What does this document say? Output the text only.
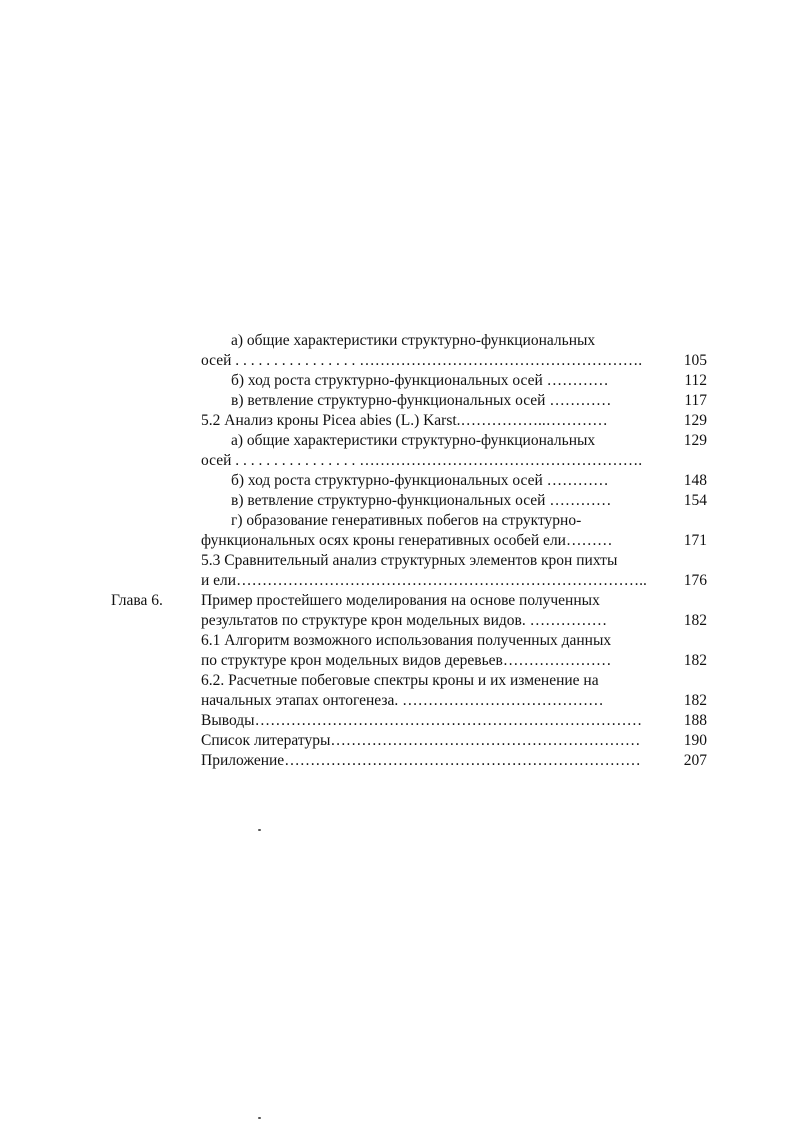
а) общие характеристики структурно-функциональных
осей . . . . . . . . . . . . . . . . ……………………………………………….	105
б) ход роста структурно-функциональных осей …………	112
в) ветвление структурно-функциональных осей …………	117
5.2 Анализ кроны Picea abies (L.) Karst.……………..…………	129
а) общие характеристики структурно-функциональных	129
осей . . . . . . . . . . . . . . . . ……………………………………………….
б) ход роста структурно-функциональных осей …………	148
в) ветвление структурно-функциональных осей …………	154
г) образование генеративных побегов на структурно-
функциональных осях кроны генеративных особей ели………	171
5.3 Сравнительный анализ структурных элементов крон пихты
и ели…………………………………………………………………….. 176
Глава 6. Пример простейшего моделирования на основе полученных
результатов по структуре крон модельных видов. ……………	182
6.1 Алгоритм возможного использования полученных данных
по структуре крон модельных видов деревьев…………………	182
6.2. Расчетные побеговые спектры кроны и их изменение на
начальных этапах онтогенеза. …………………………………	182
Выводы…………………………………………………………………	188
Список литературы……………………………………………………	190
Приложение……………………………………………………………	207
